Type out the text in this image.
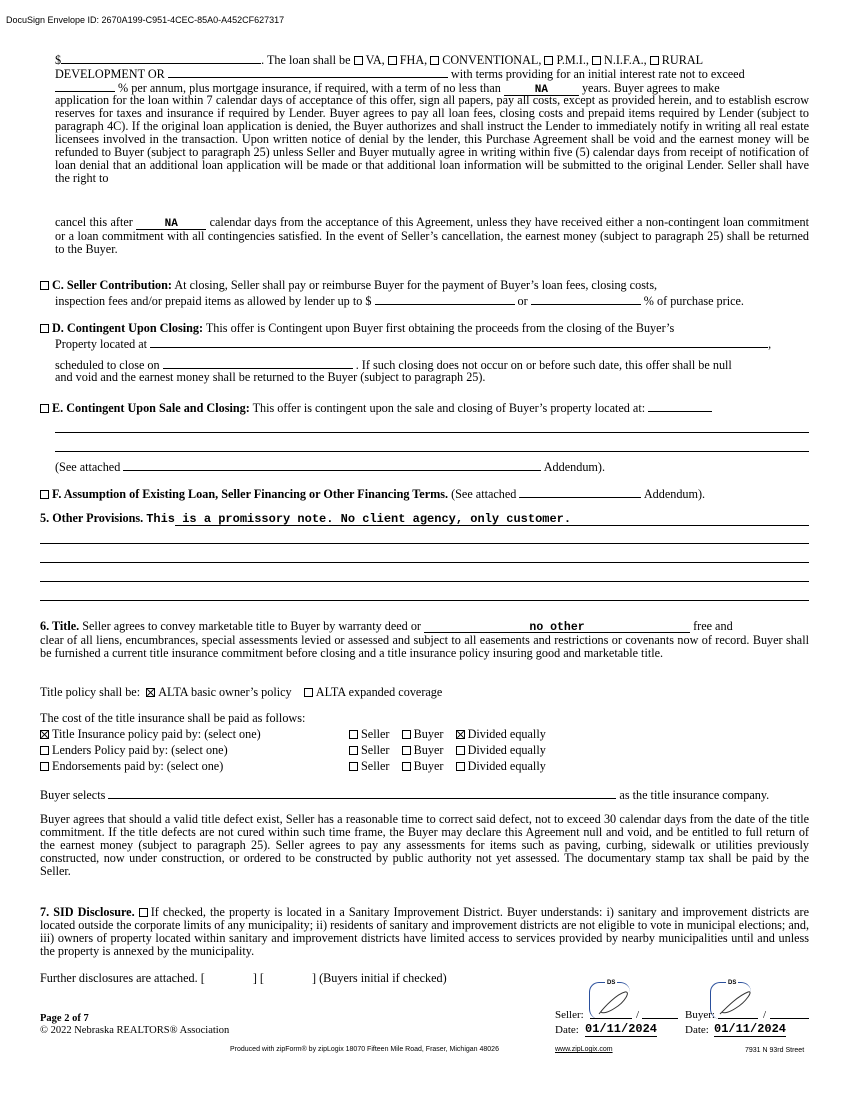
DocuSign Envelope ID: 2670A199-C951-4CEC-85A0-A452CF627317
$	. The loan shall be VA, FHA, CONVENTIONAL, P.M.I., N.I.F.A., RURAL
DEVELOPMENT OR	with terms providing for an initial interest rate not to exceed
% per annum, plus mortgage insurance, if required, with a term of no less than	NA	years. Buyer agrees to make
application for the loan within 7 calendar days of acceptance of this offer, sign all papers, pay all costs, except as provided herein, and to establish escrow reserves for taxes and insurance if required by Lender. Buyer agrees to pay all loan fees, closing costs and prepaid items required by Lender (subject to paragraph 4C). If the original loan application is denied, the Buyer authorizes and shall instruct the Lender to immediately notify in writing all real estate licensees involved in the transaction. Upon written notice of denial by the lender, this Purchase Agreement shall be void and the earnest money will be refunded to Buyer (subject to paragraph 25) unless Seller and Buyer mutually agree in writing within five (5) calendar days from receipt of notification of loan denial that an additional loan application will be made or that additional loan information will be submitted to the original Lender. Seller shall have the right to
cancel this after	NA	calendar days from the acceptance of this Agreement, unless they have received either a non-contingent loan commitment or a loan commitment with all contingencies satisfied. In the event of Seller’s cancellation, the earnest money (subject to paragraph 25) shall be returned to the Buyer.
C. Seller Contribution: At closing, Seller shall pay or reimburse Buyer for the payment of Buyer’s loan fees, closing costs,
inspection fees and/or prepaid items as allowed by lender up to $	or	% of purchase price.
D. Contingent Upon Closing: This offer is Contingent upon Buyer first obtaining the proceeds from the closing of the Buyer’s
Property located at	,
scheduled to close on	. If such closing does not occur on or before such date, this offer shall be null
and void and the earnest money shall be returned to the Buyer (subject to paragraph 25).
E. Contingent Upon Sale and Closing: This offer is contingent upon the sale and closing of Buyer’s property located at:
(See attached	Addendum).
F. Assumption of Existing Loan, Seller Financing or Other Financing Terms. (See attached	Addendum).
5. Other Provisions. This is a promissory note. No client agency, only customer.
6. Title. Seller agrees to convey marketable title to Buyer by warranty deed or	no other	free and
clear of all liens, encumbrances, special assessments levied or assessed and subject to all easements and restrictions or covenants now of record. Buyer shall be furnished a current title insurance commitment before closing and a title insurance policy insuring good and marketable title.
Title policy shall be: ALTA basic owner’s policy ALTA expanded coverage
The cost of the title insurance shall be paid as follows:
Title Insurance policy paid by: (select one)	Seller Buyer Divided equally
Lenders Policy paid by: (select one)	Seller Buyer Divided equally
Endorsements paid by: (select one)	Seller Buyer Divided equally
Buyer selects	as the title insurance company.
Buyer agrees that should a valid title defect exist, Seller has a reasonable time to correct said defect, not to exceed 30 calendar days from the date of the title commitment. If the title defects are not cured within such time frame, the Buyer may declare this Agreement null and void, and be entitled to full return of the earnest money (subject to paragraph 25). Seller agrees to pay any assessments for items such as paving, curbing, sidewalk or utilities previously constructed, now under construction, or ordered to be constructed by public authority not yet assessed. The documentary stamp tax shall be paid by the Seller.
7. SID Disclosure. If checked, the property is located in a Sanitary Improvement District. Buyer understands: i) sanitary and improvement districts are located outside the corporate limits of any municipality; ii) residents of sanitary and improvement districts are not eligible to vote in municipal elections; and, iii) owners of property located within sanitary and improvement districts have limited access to services provided by nearby municipalities until and unless the property is annexed by the municipality.
Further disclosures are attached. [	] [	] (Buyers initial if checked)
Page 2 of 7
© 2022 Nebraska REALTORS® Association
Produced with zipForm® by zipLogix 18070 Fifteen Mile Road, Fraser, Michigan 48026	www.zipLogix.com	7931 N 93rd Street
DS
Seller:	/
Date: 01/11/2024
DS
Buyer:	/
Date: 01/11/2024
